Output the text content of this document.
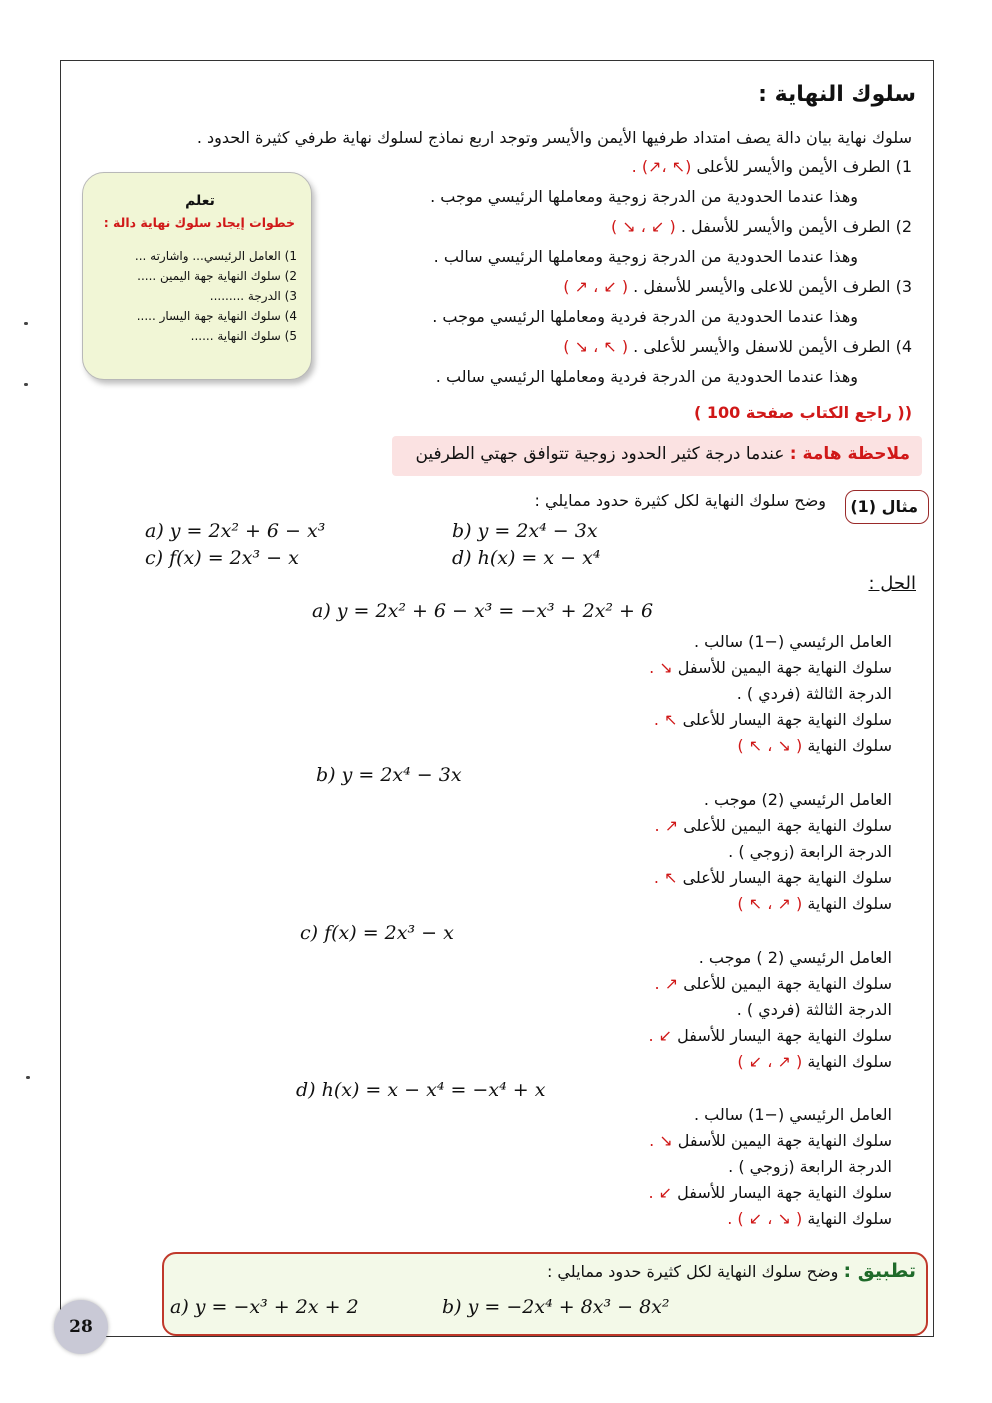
سلوك النهاية :
سلوك نهاية بيان دالة يصف امتداد طرفيها الأيمن والأيسر وتوجد اربع نماذج لسلوك نهاية طرفي كثيرة الحدود .
1) الطرف الأيمن والأيسر للأعلى (↖ ،↗) .
وهذا عندما الحدودية من الدرجة زوجية ومعاملها الرئيسي موجب .
2) الطرف الأيمن والأيسر للأسفل . ( ↙ ، ↘ )
وهذا عندما الحدودية من الدرجة زوجية ومعاملها الرئيسي سالب .
3) الطرف الأيمن للاعلى والأيسر للأسفل . ( ↙ ، ↗ )
وهذا عندما الحدودية من الدرجة فردية ومعاملها الرئيسي موجب .
4) الطرف الأيمن للاسفل والأيسر للأعلى . ( ↖ ، ↘ )
وهذا عندما الحدودية من الدرجة فردية ومعاملها الرئيسي سالب .
تعلم
خطوات إيجاد سلوك نهاية دالة :
1) العامل الرئيسي... واشارته ...
2) سلوك النهاية جهة اليمين .....
3) الدرجة .........
4) سلوك النهاية جهة اليسار .....
5) سلوك النهاية ......
(( راجع الكتاب صفحة 100 )
ملاحظة هامة : عندما درجة كثير الحدود زوجية تتوافق جهتي الطرفين
مثال (1)
وضح سلوك النهاية لكل كثيرة حدود ممايلي :
a) y = 2x² + 6 − x³	b) y = 2x⁴ − 3x
c) f(x) = 2x³ − x	d) h(x) = x − x⁴
الحل :
a) y = 2x² + 6 − x³ = −x³ + 2x² + 6
العامل الرئيسي (−1) سالب .
سلوك النهاية جهة اليمين للأسفل ↘ .
الدرجة الثالثة (فردي ) .
سلوك النهاية جهة اليسار للأعلى ↖ .
سلوك النهاية ( ↘ ، ↖ )
b) y = 2x⁴ − 3x
العامل الرئيسي (2) موجب .
سلوك النهاية جهة اليمين للأعلى ↗ .
الدرجة الرابعة (زوجي ) .
سلوك النهاية جهة اليسار للأعلى ↖ .
سلوك النهاية ( ↗ ، ↖ )
c) f(x) = 2x³ − x
العامل الرئيسي (2 ) موجب .
سلوك النهاية جهة اليمين للأعلى ↗ .
الدرجة الثالثة (فردي ) .
سلوك النهاية جهة اليسار للأسفل ↙ .
سلوك النهاية ( ↗ ، ↙ )
d) h(x) = x − x⁴ = −x⁴ + x
العامل الرئيسي (−1) سالب .
سلوك النهاية جهة اليمين للأسفل ↘ .
الدرجة الرابعة (زوجي ) .
سلوك النهاية جهة اليسار للأسفل ↙ .
سلوك النهاية ( ↘ ، ↙ ) .
تطبيق : وضح سلوك النهاية لكل كثيرة حدود ممايلي :
a) y = −x³ + 2x + 2	b) y = −2x⁴ + 8x³ − 8x²
28
